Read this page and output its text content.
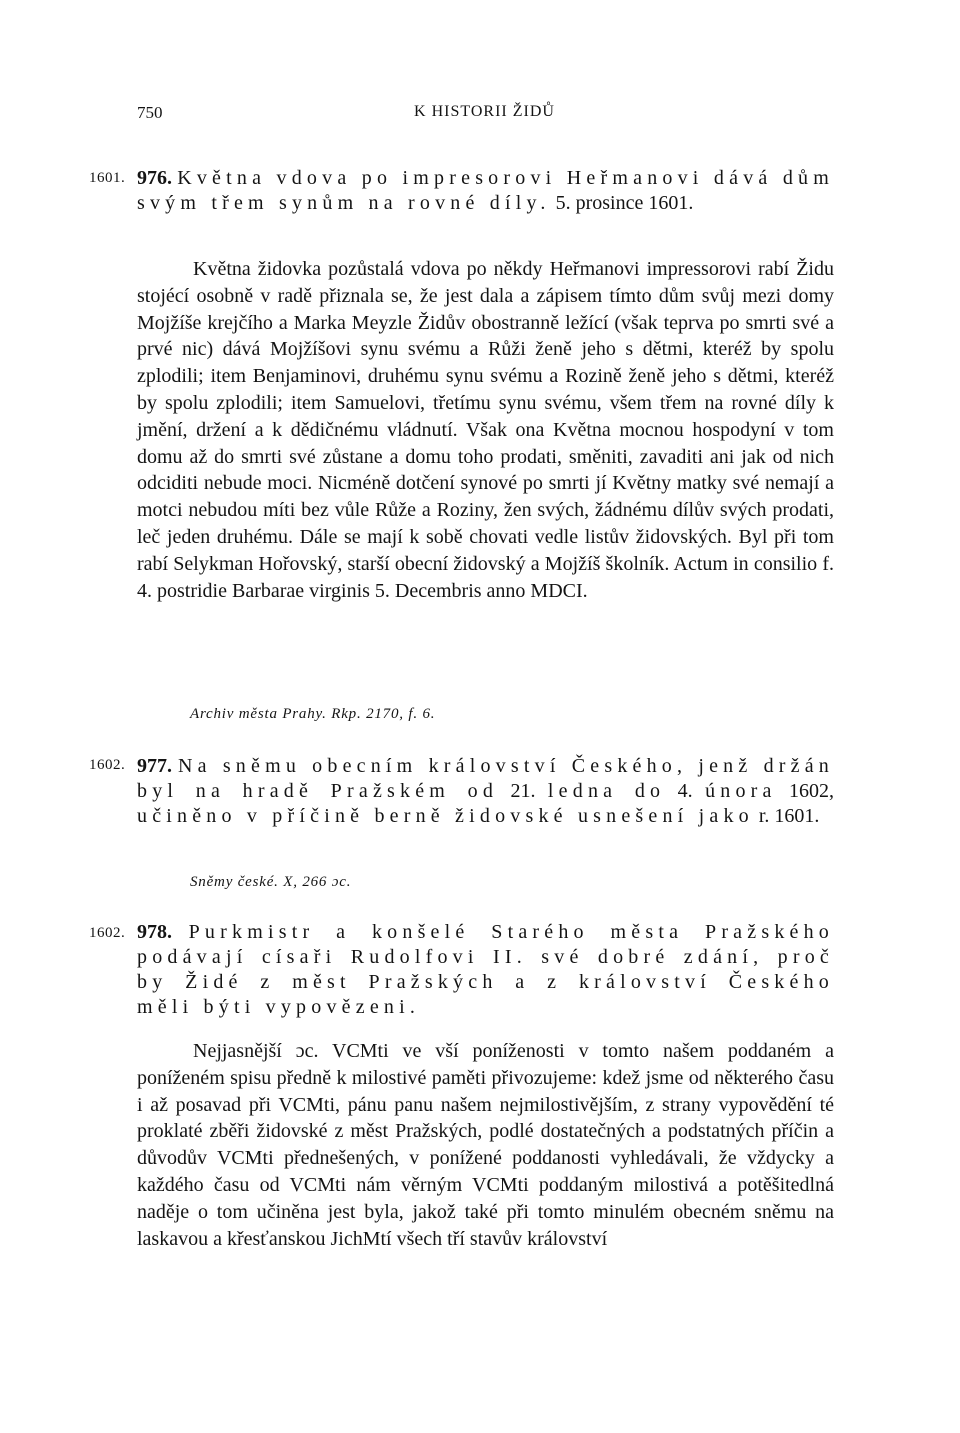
750	K HISTORII ŽIDŮ
1601. 976. Května vdova po impresorovi Heřmanovi dává dům svým třem synům na rovné díly. 5. prosince 1601.

Května židovka pozůstalá vdova po někdy Heřmanovi impressorovi rabí Židu stojécí osobně v radě přiznala se, že jest dala a zápisem tímto dům svůj mezi domy Mojžíše krejčího a Marka Meyzle Židův obostranně ležící (však teprva po smrti své a prvé nic) dává Mojžíšovi synu svému a Růži ženě jeho s dětmi, kteréž by spolu zplodili; item Benjaminovi, druhému synu svému a Rozině ženě jeho s dětmi, kteréž by spolu zplodili; item Samuelovi, třetímu synu svému, všem třem na rovné díly k jmění, držení a k dědičnému vládnutí. Však ona Května mocnou hospodyní v tom domu až do smrti své zůstane a domu toho prodati, směniti, zavaditi ani jak od nich odciditi nebude moci. Nicméně dotčení synové po smrti jí Květny matky své nemají a motci nebudou míti bez vůle Růže a Roziny, žen svých, žádnému dílův svých prodati, leč jeden druhému. Dále se mají k sobě chovati vedle listův židovských. Byl při tom rabí Selykman Hořovský, starší obecní židovský a Mojžíš školník. Actum in consilio f. 4. postridie Barbarae virginis 5. Decembris anno MDCI.

Archiv města Prahy. Rkp. 2170, f. 6.
1602. 977. Na sněmu obecním království Českého, jenž držán byl na hradě Pražském od 21. ledna do 4. února 1602, učiněno v příčině berně židovské usnešení jako r. 1601.
Sněmy české. X, 266 ɔc.
1602. 978. Purkmistr a konšelé Starého města Pražského podávají císaři Rudolfovi II. své dobré zdání, proč by Židé z měst Pražských a z království Českého měli býti vypovězeni.

Nejjasnější ɔc. VCMti ve vší poníženosti v tomto našem poddaném a poníženém spisu předně k milostivé paměti přivozujeme: kdež jsme od některého času i až posavad při VCMti, pánu panu našem nejmilostivějším, z strany vypovědění té proklaté zběři židovské z měst Pražských, podlé dostatečných a podstatných příčin a důvodův VCMti přednešených, v ponížené poddanosti vyhledávali, že vždycky a každého času od VCMti nám věrným VCMti poddaným milostivá a potěšitedlná naděje o tom učiněna jest byla, jakož také při tomto minulém obecném sněmu na laskavou a křesťanskou JichMtí všech tří stavův království
